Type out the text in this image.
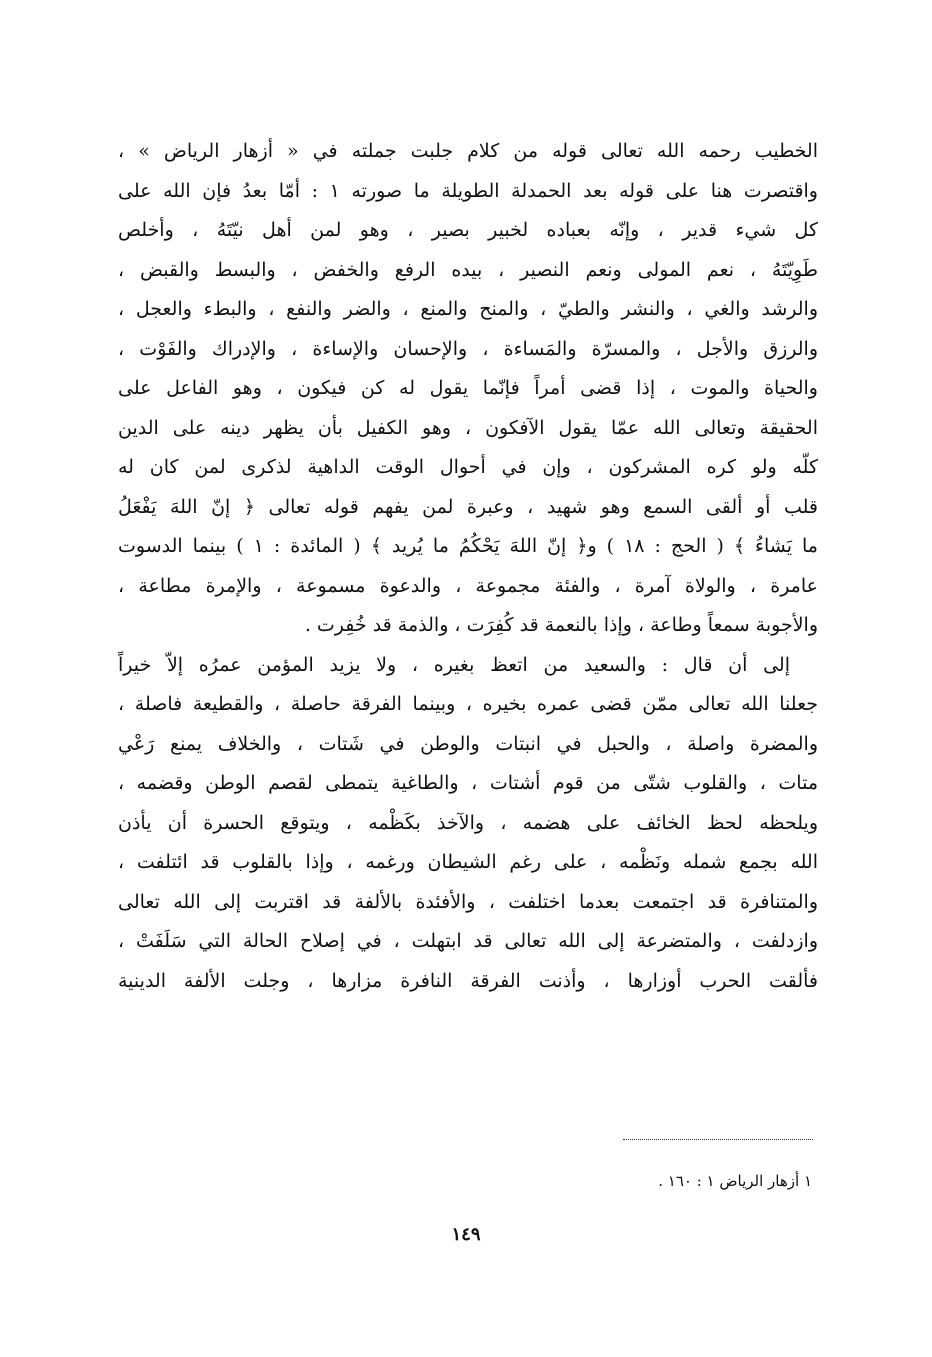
الخطيب رحمه الله تعالى قوله من كلام جلبت جملته في « أزهار الرياض » ،
واقتصرت هنا على قوله بعد الحمدلة الطويلة ما صورته ١ : أمّا بعدُ فإن الله على
كل شيء قدير ، وإنّه بعباده لخبير بصير ، وهو لمن أهل نيّتَهُ ، وأخلص
طَوِيّتَهُ ، نعم المولى ونعم النصير ، بيده الرفع والخفض ، والبسط والقبض ،
والرشد والغي ، والنشر والطيّ ، والمنح والمنع ، والضر والنفع ، والبطء والعجل ،
والرزق والأجل ، والمسرّة والمَساءة ، والإحسان والإساءة ، والإدراك والفَوْت ،
والحياة والموت ، إذا قضى أمراً فإنّما يقول له كن فيكون ، وهو الفاعل على
الحقيقة وتعالى الله عمّا يقول الآفكون ، وهو الكفيل بأن يظهر دينه على الدين
كلّه ولو كره المشركون ، وإن في أحوال الوقت الداهية لذكرى لمن كان له
قلب أو ألقى السمع وهو شهيد ، وعبرة لمن يفهم قوله تعالى ﴿ إنّ اللهَ يَفْعَلُ
ما يَشاءُ ﴾ ( الحج : ١٨ ) و﴿ إنّ اللهَ يَحْكُمُ ما يُريد ﴾ ( المائدة : ١ ) بينما الدسوت
عامرة ، والولاة آمرة ، والفئة مجموعة ، والدعوة مسموعة ، والإمرة مطاعة ،
والأجوبة سمعاً وطاعة ، وإذا بالنعمة قد كُفِرَت ، والذمة قد خُفِرت .
إلى أن قال : والسعيد من اتعظ بغيره ، ولا يزيد المؤمن عمرُه إلاّ خيراً
جعلنا الله تعالى ممّن قضى عمره بخيره ، وبينما الفرقة حاصلة ، والقطيعة فاصلة ،
والمضرة واصلة ، والحبل في انبتات والوطن في شَتات ، والخلاف يمنع رَعْي
متات ، والقلوب شتّى من قوم أشتات ، والطاغية يتمطى لقصم الوطن وقضمه ،
ويلحظه لحظ الخائف على هضمه ، والآخذ بكَظْمه ، ويتوقع الحسرة أن يأذن
الله بجمع شمله ونَظْمه ، على رغم الشيطان ورغمه ، وإذا بالقلوب قد ائتلفت ،
والمتنافرة قد اجتمعت بعدما اختلفت ، والأفئدة بالألفة قد اقتربت إلى الله تعالى
وازدلفت ، والمتضرعة إلى الله تعالى قد ابتهلت ، في إصلاح الحالة التي سَلَفَتْ ،
فألقت الحرب أوزارها ، وأذنت الفرقة النافرة مزارها ، وجلت الألفة الدينية
١ أزهار الرياض ١ : ١٦٠ .
١٤٩
